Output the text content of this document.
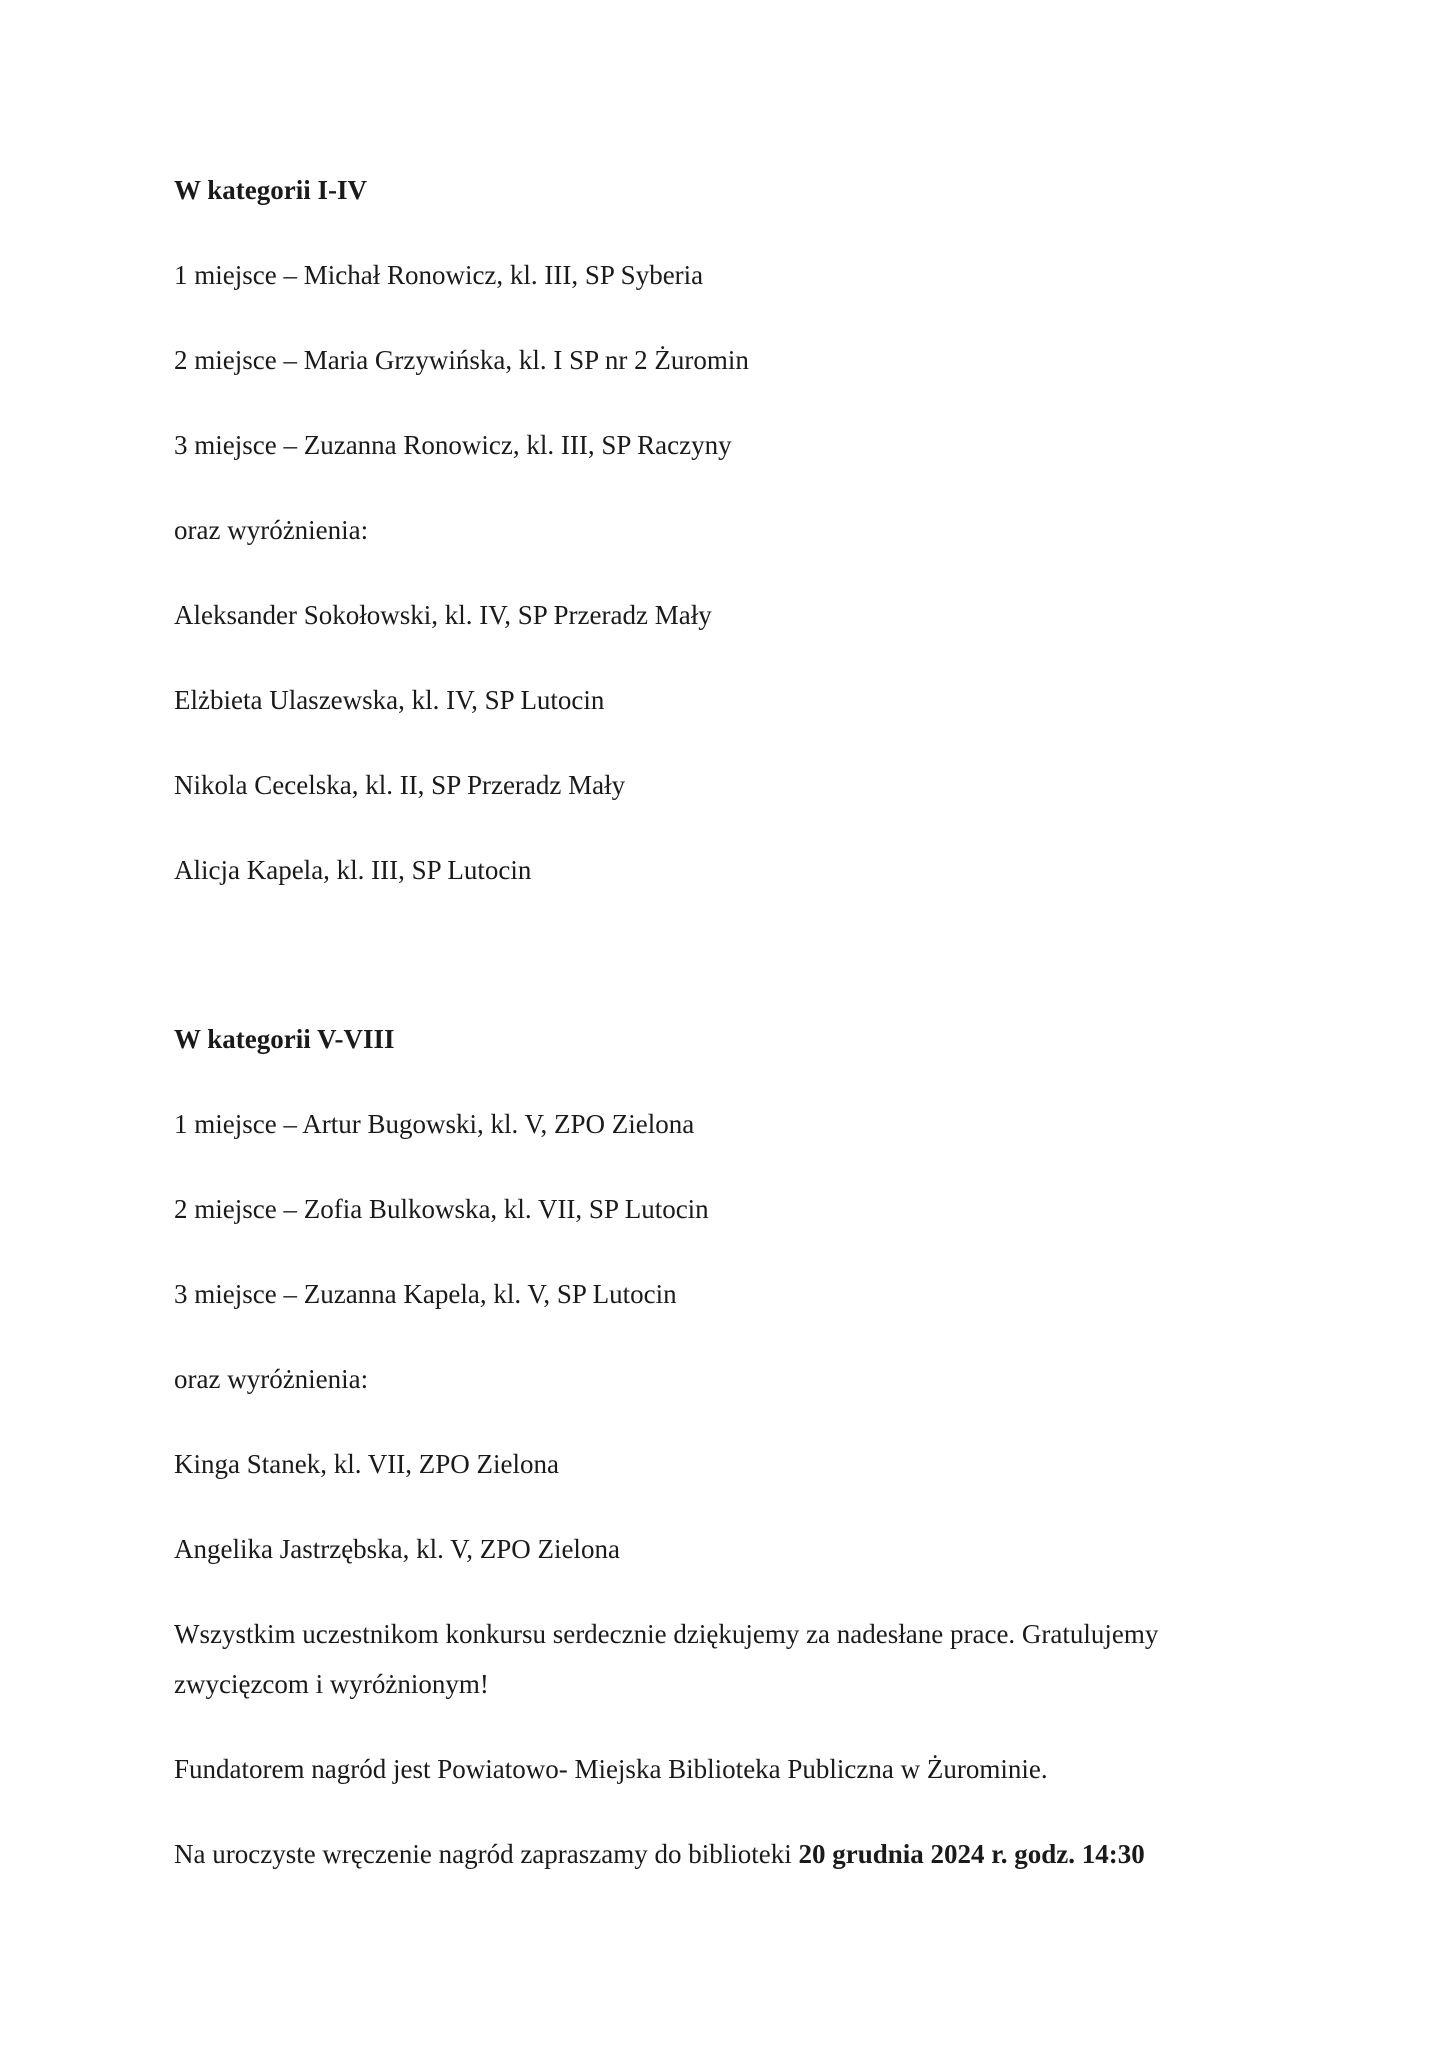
W kategorii I-IV

1 miejsce – Michał Ronowicz, kl. III, SP Syberia

2 miejsce – Maria Grzywińska, kl. I SP nr 2 Żuromin

3 miejsce – Zuzanna Ronowicz, kl. III, SP Raczyny

oraz wyróżnienia:

Aleksander Sokołowski, kl. IV, SP Przeradz Mały

Elżbieta Ulaszewska, kl. IV, SP Lutocin

Nikola Cecelska, kl. II, SP Przeradz Mały

Alicja Kapela, kl. III, SP Lutocin

W kategorii V-VIII

1 miejsce – Artur Bugowski, kl. V, ZPO Zielona

2 miejsce – Zofia Bulkowska, kl. VII, SP Lutocin

3 miejsce – Zuzanna Kapela, kl. V, SP Lutocin

oraz wyróżnienia:

Kinga Stanek, kl. VII, ZPO Zielona

Angelika Jastrzębska, kl. V, ZPO Zielona

Wszystkim uczestnikom konkursu serdecznie dziękujemy za nadesłane prace. Gratulujemy zwycięzcom i wyróżnionym!

Fundatorem nagród jest Powiatowo- Miejska Biblioteka Publiczna w Żurominie.

Na uroczyste wręczenie nagród zapraszamy do biblioteki 20 grudnia 2024 r. godz. 14:30
